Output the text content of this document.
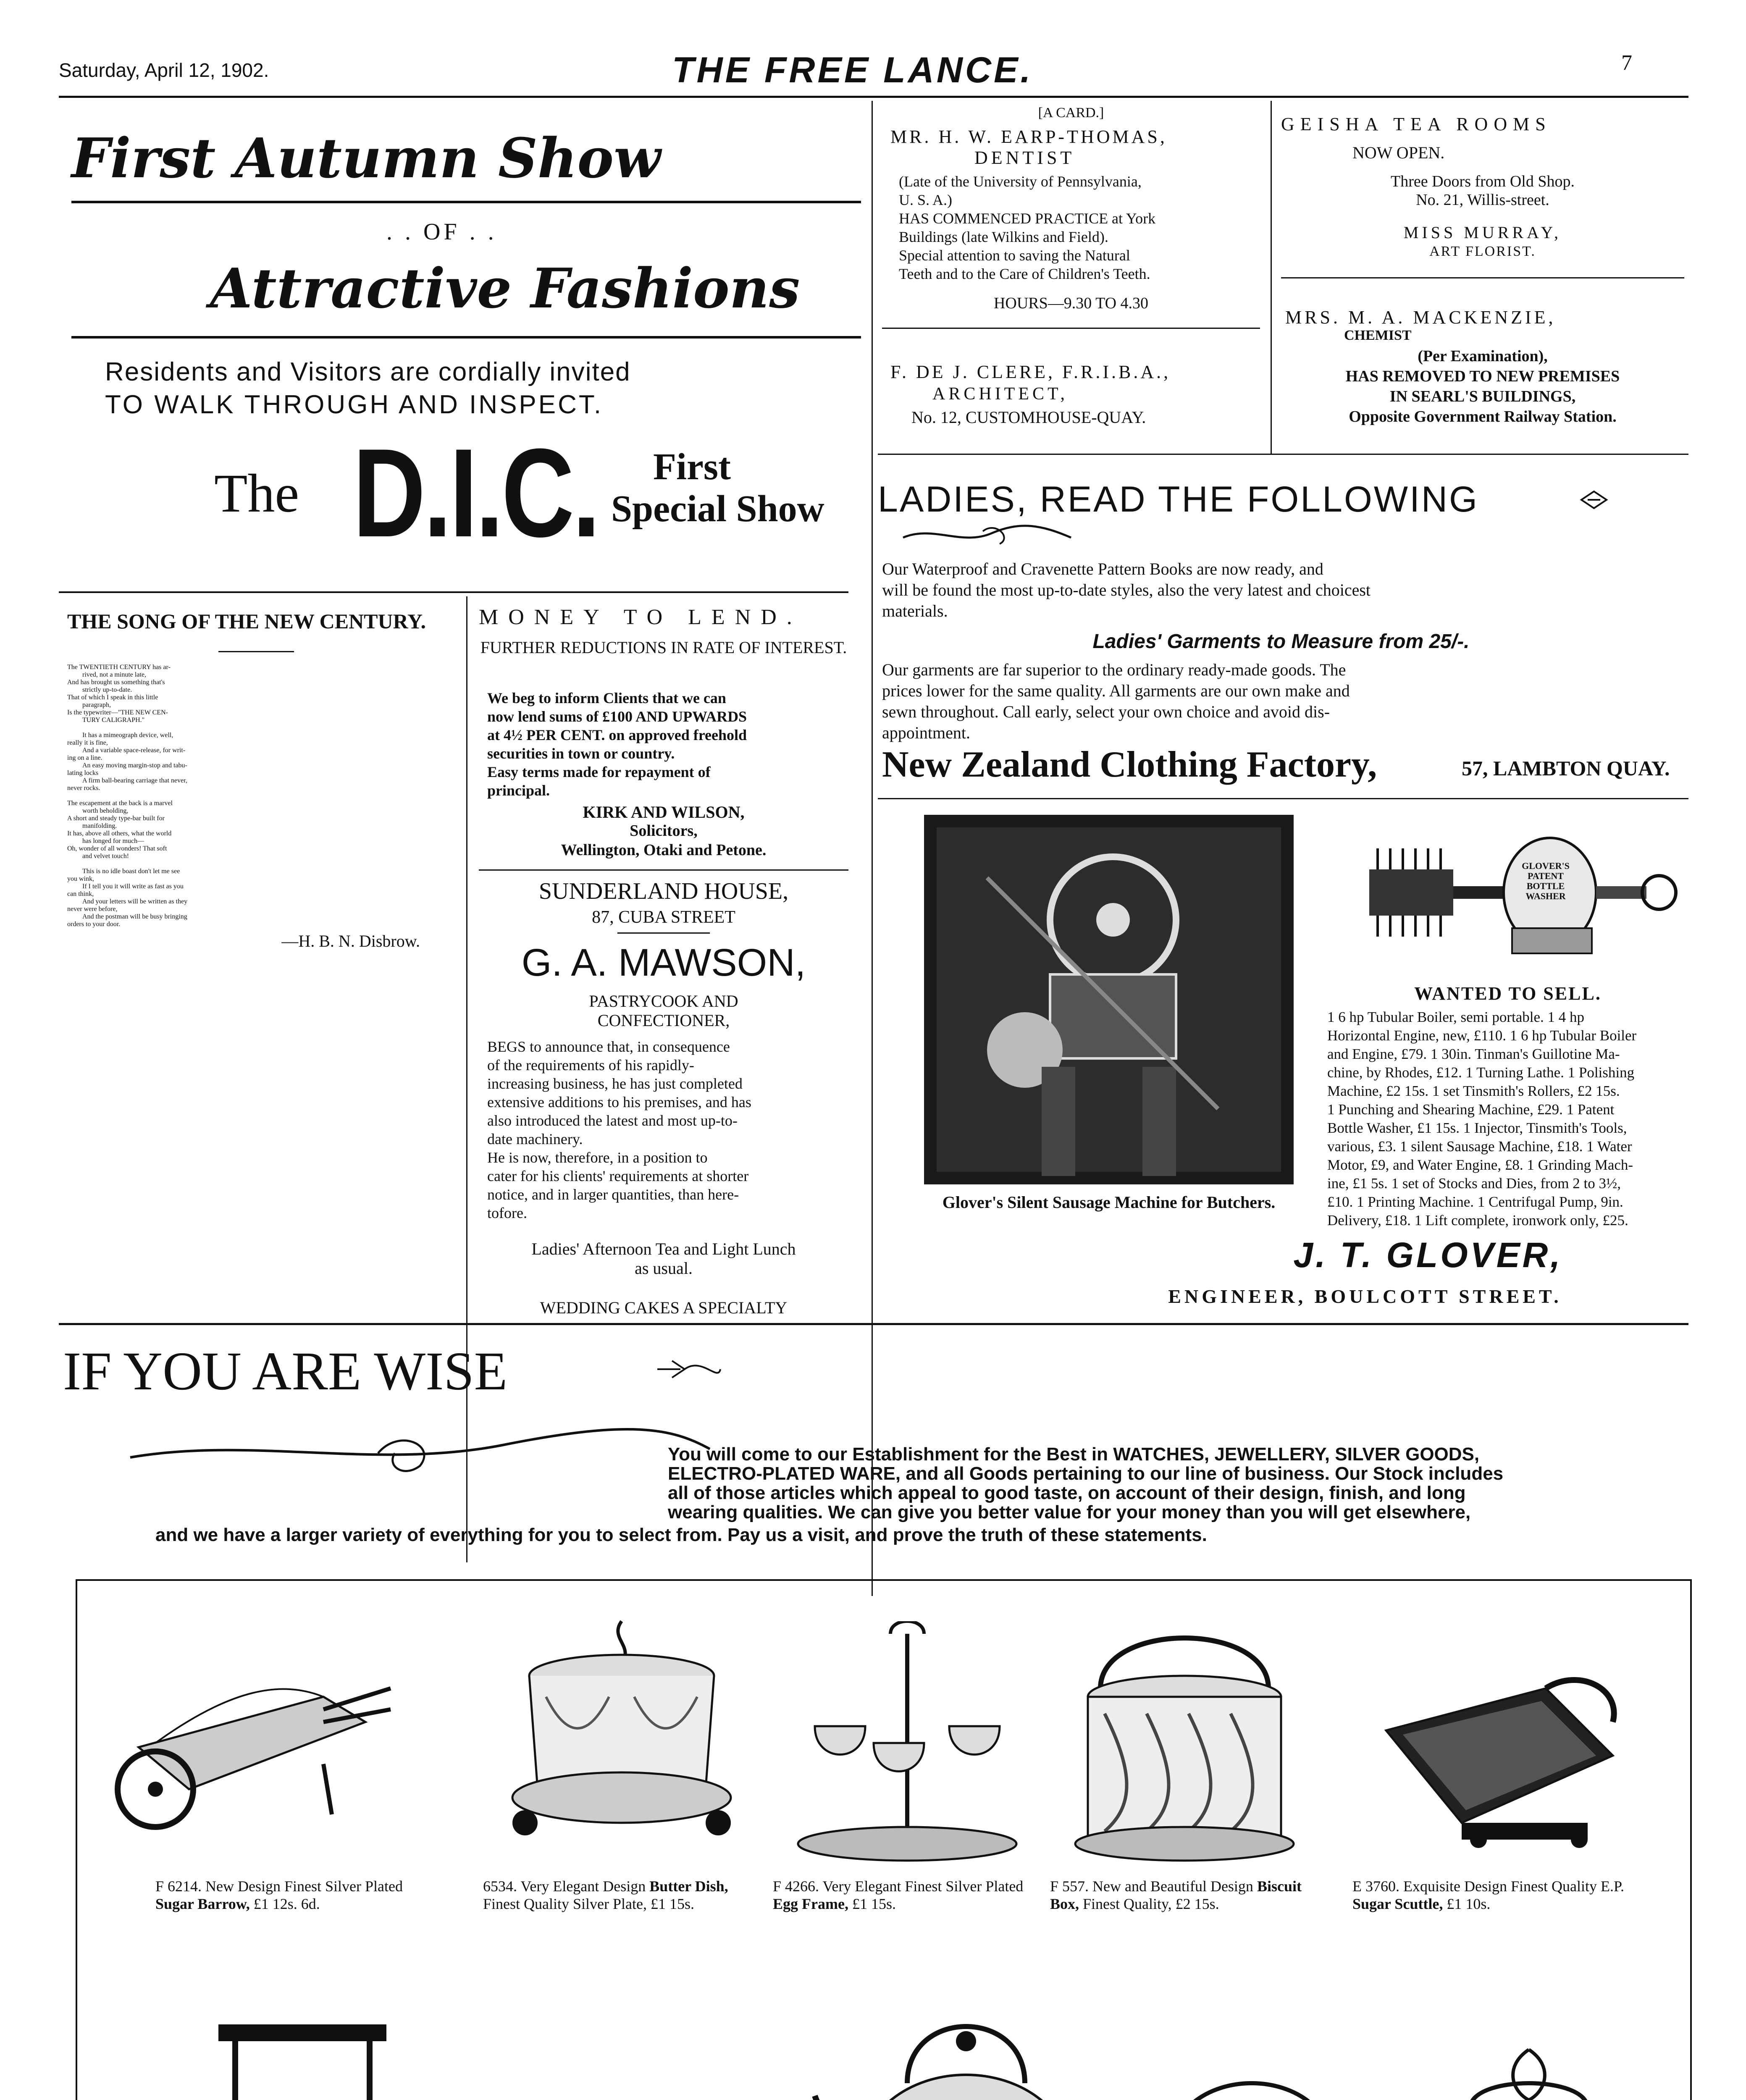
Saturday, April 12, 1902.	THE FREE LANCE.	7
First Autumn Show
. . OF . .
Attractive Fashions
Residents and Visitors are cordially invited
TO WALK THROUGH AND INSPECT.
The D.I.C. First
Special Show
THE SONG OF THE NEW CENTURY.
The TWENTIETH CENTURY has ar-
rived, not a minute late,
And has brought us something that's
strictly up-to-date.
That of which I speak in this little
paragraph,
Is the typewriter—"THE NEW CEN-
TURY CALIGRAPH."

It has a mimeograph device, well,
really it is fine,
And a variable space-release, for writ-
ing on a line.
An easy moving margin-stop and tabu-
lating locks
A firm ball-bearing carriage that never,
never rocks.

The escapement at the back is a marvel
worth beholding,
A short and steady type-bar built for
manifolding.
It has, above all others, what the world
has longed for much—
Oh, wonder of all wonders! That soft
and velvet touch!

This is no idle boast don't let me see
you wink,
If I tell you it will write as fast as you
can think,
And your letters will be written as they
never were before,
And the postman will be busy bringing
orders to your door.
—H. B. N. Disbrow.
MONEY TO LEND.
FURTHER REDUCTIONS IN RATE OF INTEREST.
We beg to inform Clients that we can
now lend sums of £100 AND UPWARDS
at 4½ PER CENT. on approved freehold
securities in town or country.
Easy terms made for repayment of
principal.
KIRK AND WILSON,
Solicitors,
Wellington, Otaki and Petone.
SUNDERLAND HOUSE,
87, CUBA STREET
G. A. MAWSON,
PASTRYCOOK AND
CONFECTIONER,
BEGS to announce that, in consequence
of the requirements of his rapidly-
increasing business, he has just completed
extensive additions to his premises, and has
also introduced the latest and most up-to-
date machinery.
He is now, therefore, in a position to
cater for his clients' requirements at shorter
notice, and in larger quantities, than here-
tofore.
Ladies' Afternoon Tea and Light Lunch
as usual.
WEDDING CAKES A SPECIALTY
[A CARD.]
MR. H. W. EARP-THOMAS,
DENTIST
(Late of the University of Pennsylvania,
U. S. A.)
HAS COMMENCED PRACTICE at York
Buildings (late Wilkins and Field).
Special attention to saving the Natural
Teeth and to the Care of Children's Teeth.
HOURS—9.30 TO 4.30
F. DE J. CLERE, F.R.I.B.A.,
ARCHITECT,
No. 12, CUSTOMHOUSE-QUAY.
GEISHA TEA ROOMS
NOW OPEN.
Three Doors from Old Shop.
No. 21, Willis-street.
MISS MURRAY,
ART FLORIST.
MRS. M. A. MACKENZIE,
CHEMIST
(Per Examination),
HAS REMOVED TO NEW PREMISES
IN SEARL'S BUILDINGS,
Opposite Government Railway Station.
LADIES, READ THE FOLLOWING
Our Waterproof and Cravenette Pattern Books are now ready, and
will be found the most up-to-date styles, also the very latest and choicest
materials.
Ladies' Garments to Measure from 25/-.
Our garments are far superior to the ordinary ready-made goods. The
prices lower for the same quality. All garments are our own make and
sewn throughout. Call early, select your own choice and avoid dis-
appointment.
New Zealand Clothing Factory,	57, LAMBTON QUAY.
Glover's Silent Sausage Machine for Butchers.
GLOVER'S PATENT BOTTLE WASHER
WANTED TO SELL.
1 6 hp Tubular Boiler, semi portable. 1 4 hp
Horizontal Engine, new, £110. 1 6 hp Tubular Boiler
and Engine, £79. 1 30in. Tinman's Guillotine Ma-
chine, by Rhodes, £12. 1 Turning Lathe. 1 Polishing
Machine, £2 15s. 1 set Tinsmith's Rollers, £2 15s.
1 Punching and Shearing Machine, £29. 1 Patent
Bottle Washer, £1 15s. 1 Injector, Tinsmith's Tools,
various, £3. 1 silent Sausage Machine, £18. 1 Water
Motor, £9, and Water Engine, £8. 1 Grinding Mach-
ine, £1 5s. 1 set of Stocks and Dies, from 2 to 3½,
£10. 1 Printing Machine. 1 Centrifugal Pump, 9in.
Delivery, £18. 1 Lift complete, ironwork only, £25.
J. T. GLOVER,
ENGINEER, BOULCOTT STREET.
IF YOU ARE WISE
You will come to our Establishment for the Best in WATCHES, JEWELLERY, SILVER GOODS,
ELECTRO-PLATED WARE, and all Goods pertaining to our line of business. Our Stock includes
all of those articles which appeal to good taste, on account of their design, finish, and long
wearing qualities. We can give you better value for your money than you will get elsewhere,
and we have a larger variety of everything for you to select from. Pay us a visit, and prove the truth of these statements.
F 6214. New Design Finest Silver Plated Sugar Barrow, £1 12s. 6d.
6534. Very Elegant Design Butter Dish, Finest Quality Silver Plate, £1 15s.
F 4266. Very Elegant Finest Silver Plated Egg Frame, £1 15s.
F 557. New and Beautiful Design Biscuit Box, Finest Quality, £2 15s.
E 3760. Exquisite Design Finest Quality E.P. Sugar Scuttle, £1 10s.
